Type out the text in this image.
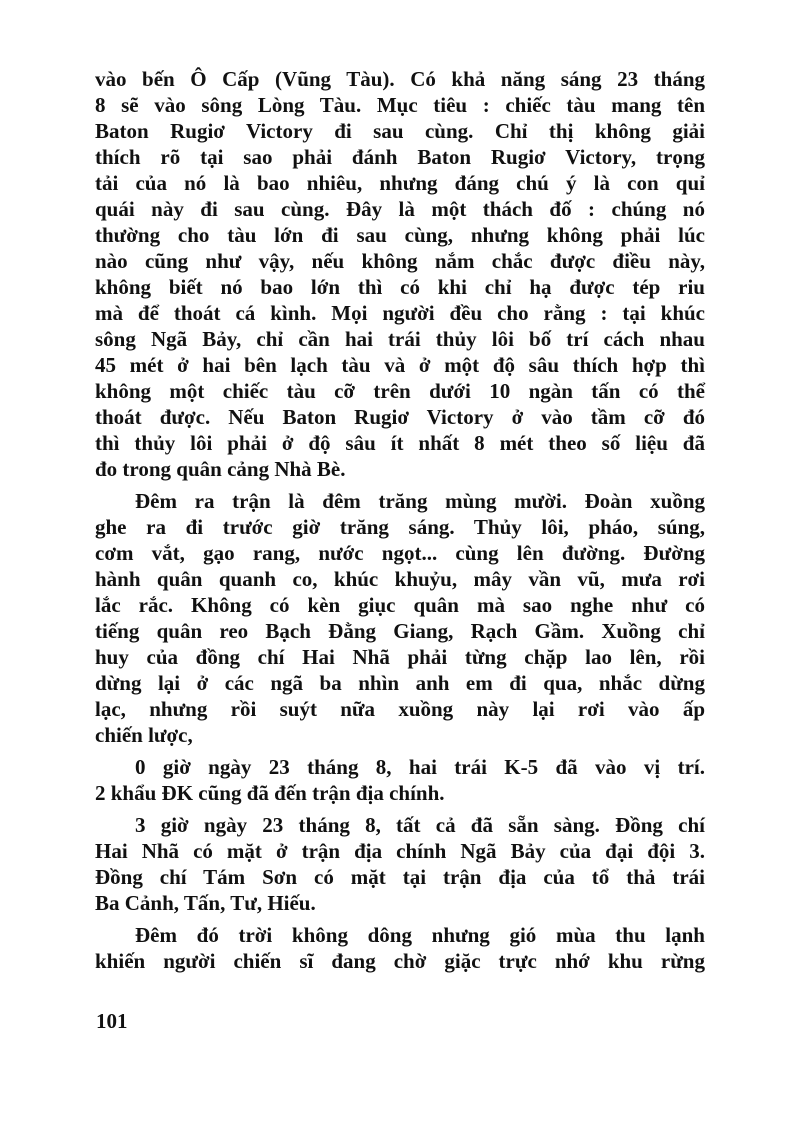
vào bến Ô Cấp (Vũng Tàu). Có khả năng sáng 23 tháng
8 sẽ vào sông Lòng Tàu. Mục tiêu : chiếc tàu mang tên
Baton Rugiơ Victory đi sau cùng. Chỉ thị không giải
thích rõ tại sao phải đánh Baton Rugiơ Victory, trọng
tải của nó là bao nhiêu, nhưng đáng chú ý là con quỉ
quái này đi sau cùng. Đây là một thách đố : chúng nó
thường cho tàu lớn đi sau cùng, nhưng không phải lúc
nào cũng như vậy, nếu không nắm chắc được điều này,
không biết nó bao lớn thì có khi chỉ hạ được tép riu
mà để thoát cá kình. Mọi người đều cho rằng : tại khúc
sông Ngã Bảy, chỉ cần hai trái thủy lôi bố trí cách nhau
45 mét ở hai bên lạch tàu và ở một độ sâu thích hợp thì
không một chiếc tàu cỡ trên dưới 10 ngàn tấn có thể
thoát được. Nếu Baton Rugiơ Victory ở vào tầm cỡ đó
thì thủy lôi phải ở độ sâu ít nhất 8 mét theo số liệu đã
đo trong quân cảng Nhà Bè.
Đêm ra trận là đêm trăng mùng mười. Đoàn xuồng
ghe ra đi trước giờ trăng sáng. Thủy lôi, pháo, súng,
cơm vắt, gạo rang, nước ngọt... cùng lên đường. Đường
hành quân quanh co, khúc khuỷu, mây vần vũ, mưa rơi
lắc rắc. Không có kèn giục quân mà sao nghe như có
tiếng quân reo Bạch Đằng Giang, Rạch Gầm. Xuồng chỉ
huy của đồng chí Hai Nhã phải từng chặp lao lên, rồi
dừng lại ở các ngã ba nhìn anh em đi qua, nhắc dừng
lạc, nhưng rồi suýt nữa xuồng này lại rơi vào ấp
chiến lược,
0 giờ ngày 23 tháng 8, hai trái K-5 đã vào vị trí.
2 khẩu ĐK cũng đã đến trận địa chính.
3 giờ ngày 23 tháng 8, tất cả đã sẵn sàng. Đồng chí
Hai Nhã có mặt ở trận địa chính Ngã Bảy của đại đội 3.
Đồng chí Tám Sơn có mặt tại trận địa của tổ thả trái
Ba Cảnh, Tấn, Tư, Hiếu.
Đêm đó trời không dông nhưng gió mùa thu lạnh
khiến người chiến sĩ đang chờ giặc trực nhớ khu rừng
101
